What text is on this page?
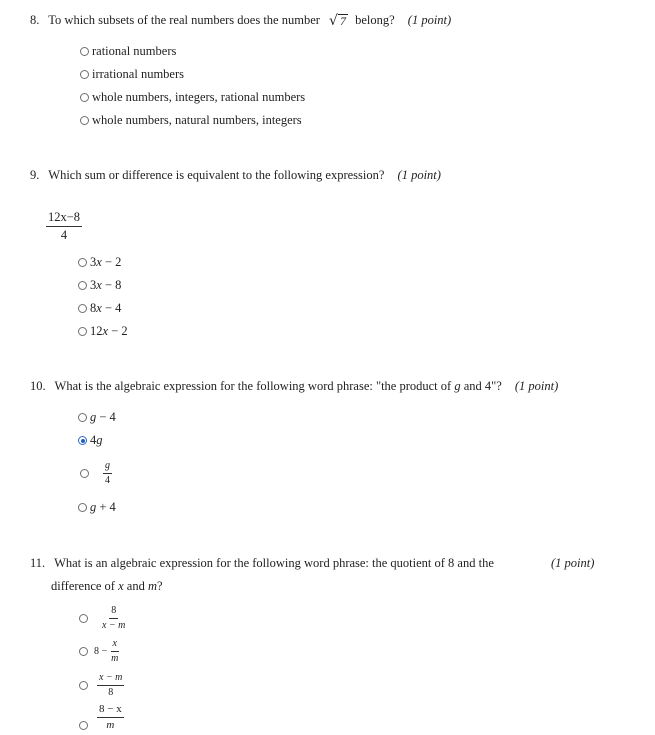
8. To which subsets of the real numbers does the number √ 7 belong? (1 point)
rational numbers
irrational numbers
whole numbers, integers, rational numbers
whole numbers, natural numbers, integers
9. Which sum or difference is equivalent to the following expression? (1 point)
$\frac{12x-8}{4}$
3x − 2
3x − 8
8x − 4
12x − 2
10. What is the algebraic expression for the following word phrase: "the product of g and 4"? (1 point)
g − 4
4g
$\frac{g}{4}$
g + 4
11. What is an algebraic expression for the following word phrase: the quotient of 8 and the	(1 point)
difference of x and m?
$\frac{8}{x - m}$
$8 - \frac{x}{m}$
$\frac{x - m}{8}$
$\frac{8 - x}{m}$
